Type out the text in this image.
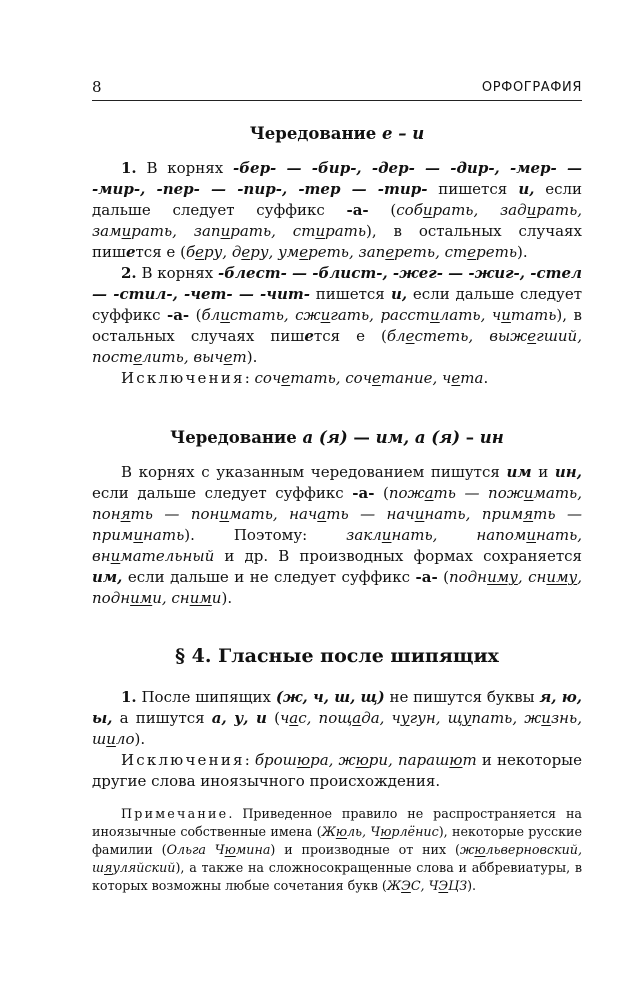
8	ОРФОГРАФИЯ
Чередование е – и

1. В корнях -бер- — -бир-, -дер- — -дир-, -мер- — -мир-, -пер- — -пир-, -тер — -тир- пишется и, если дальше следует суффикс -а- (собирать, задирать, замирать, запирать, стирать), в остальных случаях пишется е (беру, деру, умереть, запереть, стереть).

2. В корнях -блест- — -блист-, -жег- — -жиг-, -стел — -стил-, -чет- — -чит- пишется и, если дальше следует суффикс -а- (блистать, сжигать, расстилать, читать), в остальных случаях пишется е (блестеть, выжегший, постелить, вычет).

Исключения: сочетать, сочетание, чета.

Чередование а (я) — им, а (я) – ин

В корнях с указанным чередованием пишутся им и ин, если дальше следует суффикс -а- (пожать — пожимать, понять — понимать, начать — начинать, примять — приминать). Поэтому: заклинать, напоминать, внимательный и др. В производных формах сохраняется им, если дальше и не следует суффикс -а- (подниму, сниму, подними, сними).

§ 4. Гласные после шипящих

1. После шипящих (ж, ч, ш, щ) не пишутся буквы я, ю, ы, а пишутся а, у, и (час, пощада, чугун, щупать, жизнь, шило).

Исключения: брошюра, жюри, парашют и некоторые другие слова иноязычного происхождения.

Примечание. Приведенное правило не распространяется на иноязычные собственные имена (Жюль, Чюрлёнис), некоторые русские фамилии (Ольга Чюмина) и производные от них (жюльверновский, шяуляйский), а также на сложносокращенные слова и аббревиатуры, в которых возможны любые сочетания букв (ЖЭС, ЧЭЦЗ).
